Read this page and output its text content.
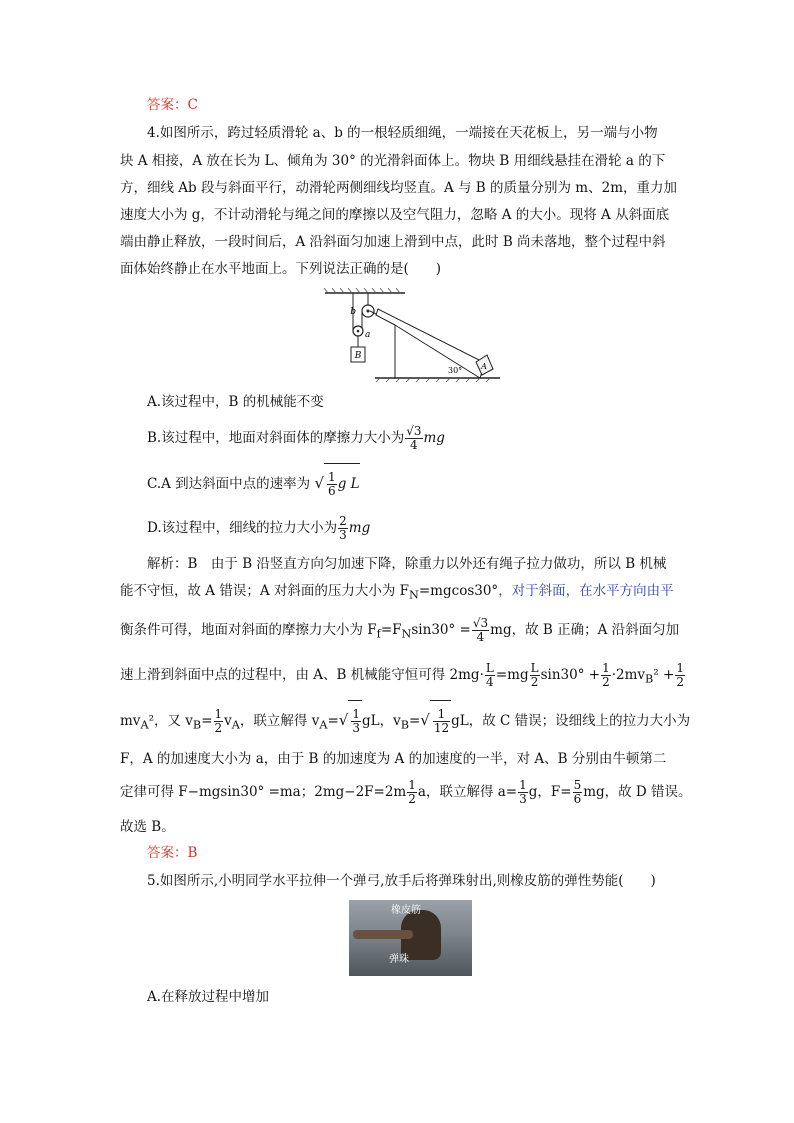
答案：C
4.如图所示，跨过轻质滑轮 a、b 的一根轻质细绳，一端接在天花板上，另一端与小物
块 A 相接，A 放在长为 L、倾角为 30° 的光滑斜面体上。物块 B 用细线悬挂在滑轮 a 的下
方，细线 Ab 段与斜面平行，动滑轮两侧细线均竖直。A 与 B 的质量分别为 m、2m，重力加
速度大小为 g，不计动滑轮与绳之间的摩擦以及空气阻力，忽略 A 的大小。现将 A 从斜面底
端由静止释放，一段时间后，A 沿斜面匀加速上滑到中点，此时 B 尚未落地，整个过程中斜
面体始终静止在水平地面上。下列说法正确的是(　　)
B
b
a
A
30°
A.该过程中，B 的机械能不变
B.该过程中，地面对斜面体的摩擦力大小为 $\frac{√3}{4}$ mg
C.A 到达斜面中点的速率为 √ $\frac{1}{6}$ g L
D.该过程中，细线的拉力大小为 $\frac{2}{3}$ mg
解析：B　由于 B 沿竖直方向匀加速下降，除重力以外还有绳子拉力做功，所以 B 机械
能不守恒，故 A 错误；A 对斜面的压力大小为 $F_N=mgcos30^\circ$，对于斜面，在水平方向由平
衡条件可得，地面对斜面的摩擦力大小为 $F_f=F_N\sin 30^\circ = \frac{√3}{4}$ mg，故 B 正确；A 沿斜面匀加
速上滑到斜面中点的过程中，由 A、B 机械能守恒可得 $2mg\cdot \frac{L}{4} =mg \frac{L}{2} \sin 30^\circ + \frac{1}{2} \cdot 2mv_B^2 + \frac{1}{2}$
$mv_A^2$，又 $v_B= \frac{1}{2} v_A$，联立解得 $v_A=√ \frac{1}{3}$ gL，$v_B=√ \frac{1}{12}$ gL，故 C 错误；设细线上的拉力大小为
F，A 的加速度大小为 a，由于 B 的加速度为 A 的加速度的一半，对 A、B 分别由牛顿第二
定律可得 F−mgsin30° =ma；$2mg-2F=2m \frac{1}{2}$ a，联立解得 $a= \frac{1}{3}$ g，$F= \frac{5}{6}$ mg，故 D 错误。
故选 B。
答案：B
5.如图所示,小明同学水平拉伸一个弹弓,放手后将弹珠射出,则橡皮筋的弹性势能(　　)
橡皮筋
弹珠
A.在释放过程中增加
